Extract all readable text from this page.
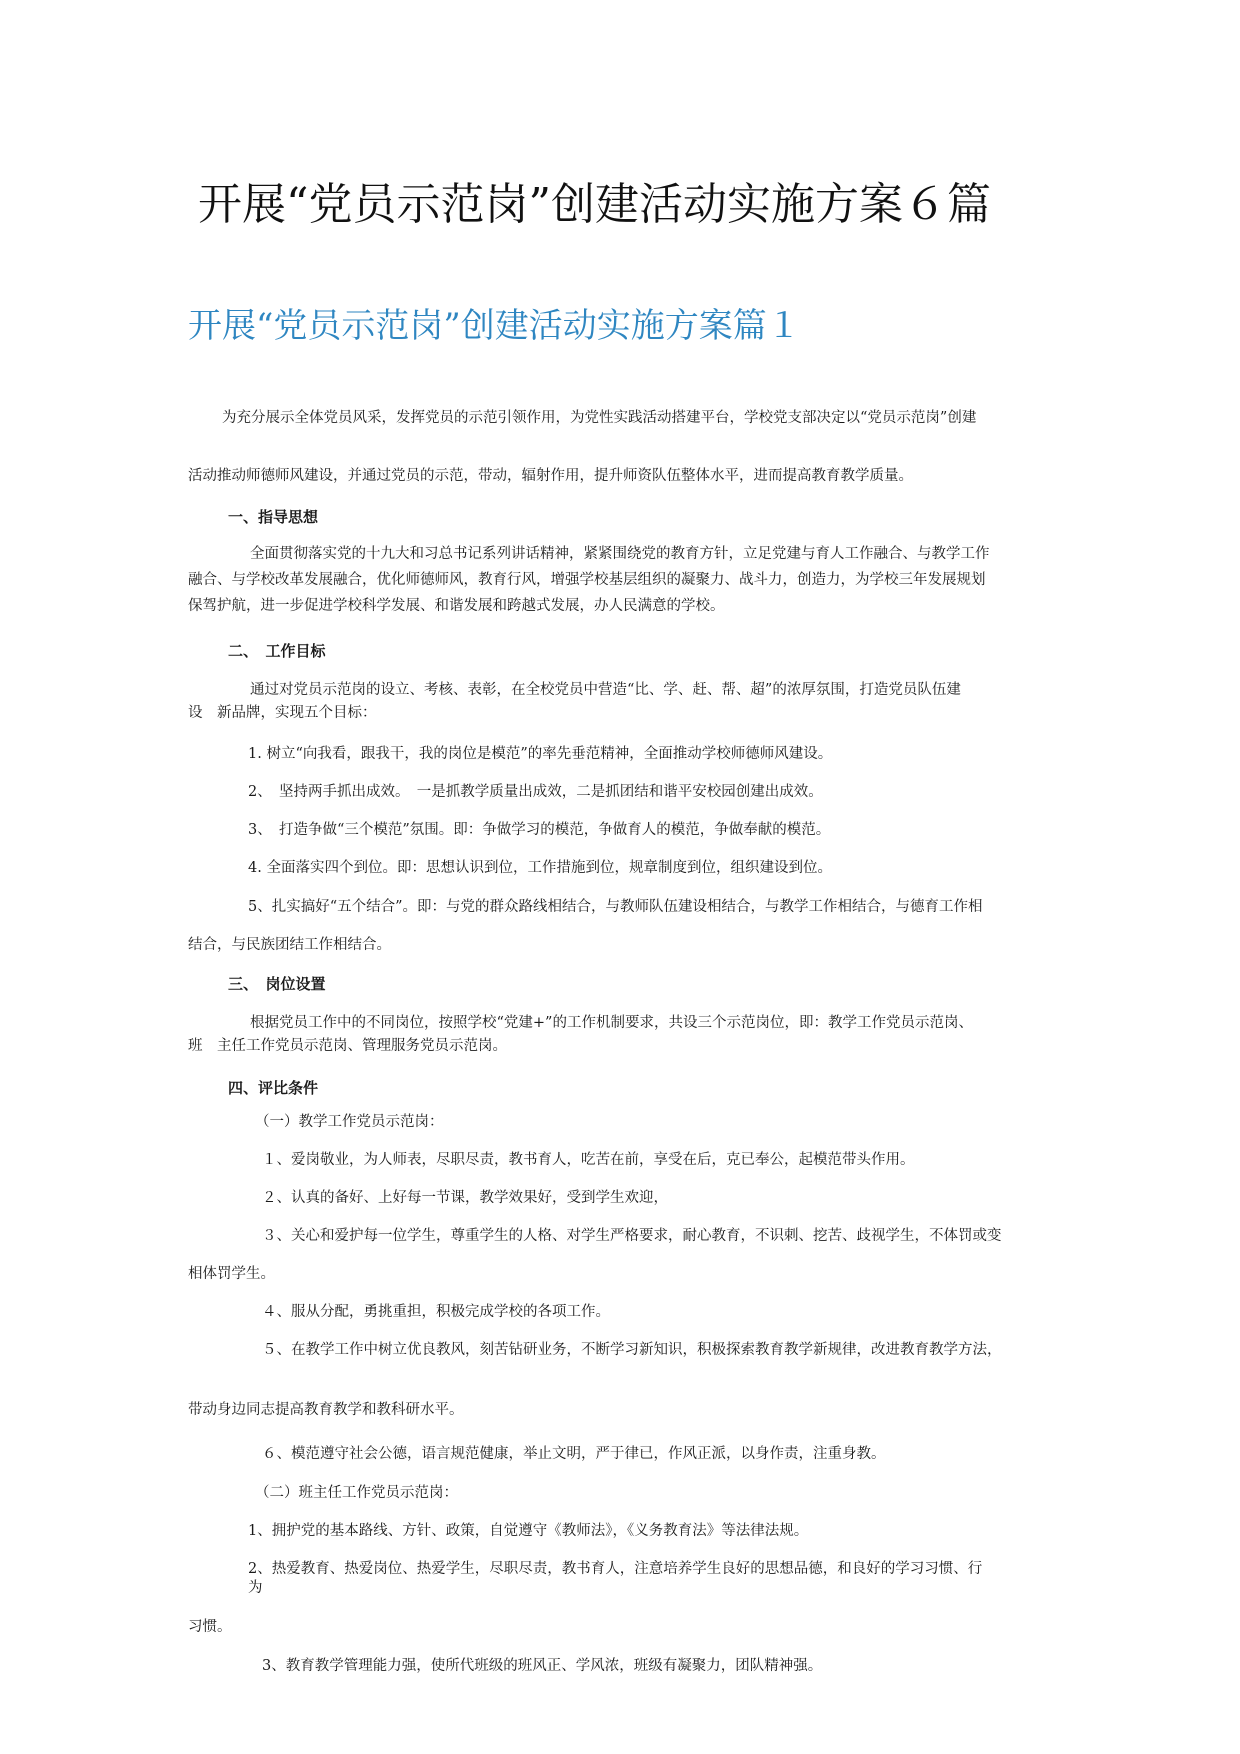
开展“党员示范岗”创建活动实施方案６篇
开展“党员示范岗”创建活动实施方案篇１

为充分展示全体党员风采，发挥党员的示范引领作用，为党性实践活动搭建平台，学校党支部决定以“党员示范岗”创建

活动推动师德师风建设，并通过党员的示范，带动，辐射作用，提升师资队伍整体水平，进而提高教育教学质量。

一、指导思想

全面贯彻落实党的十九大和习总书记系列讲话精神，紧紧围绕党的教育方针，立足党建与育人工作融合、与教学工作

融合、与学校改革发展融合，优化师德师风，教育行风，增强学校基层组织的凝聚力、战斗力，创造力，为学校三年发展规划

保驾护航，进一步促进学校科学发展、和谐发展和跨越式发展，办人民满意的学校。

二、　工作目标

通过对党员示范岗的设立、考核、表彰，在全校党员中营造“比、学、赶、帮、超”的浓厚氛围，打造党员队伍建

设　新品牌，实现五个目标：

1. 树立“向我看，跟我干，我的岗位是模范”的率先垂范精神，全面推动学校师德师风建设。

2、　坚持两手抓出成效。　一是抓教学质量出成效，二是抓团结和谐平安校园创建出成效。

3、　打造争做“三个模范”氛围。即：争做学习的模范，争做育人的模范，争做奉献的模范。

4. 全面落实四个到位。即：思想认识到位，工作措施到位，规章制度到位，组织建设到位。

5、扎实搞好“五个结合”。即：与党的群众路线相结合，与教师队伍建设相结合，与教学工作相结合，与德育工作相

结合，与民族团结工作相结合。

三、　岗位设置

根据党员工作中的不同岗位，按照学校“党建+”的工作机制要求，共设三个示范岗位，即：教学工作党员示范岗、

班　主任工作党员示范岗、管理服务党员示范岗。

四、评比条件

（一）教学工作党员示范岗：

１、爱岗敬业，为人师表，尽职尽责，教书育人，吃苦在前，享受在后，克已奉公，起模范带头作用。

２、认真的备好、上好每一节课，教学效果好，受到学生欢迎，

３、关心和爱护每一位学生，尊重学生的人格、对学生严格要求，耐心教育，不识刺、挖苦、歧视学生，不体罚或变

相体罚学生。

４、服从分配，勇挑重担，积极完成学校的各项工作。

５、在教学工作中树立优良教风，刻苦钻研业务，不断学习新知识，积极探索教育教学新规律，改进教育教学方法，

带动身边同志提高教育教学和教科研水平。

６、模范遵守社会公德，语言规范健康，举止文明，严于律已，作风正派，以身作责，注重身教。

（二）班主任工作党员示范岗：

1、拥护党的基本路线、方针、政策，自觉遵守《教师法》，《义务教育法》等法律法规。

2、热爱教育、热爱岗位、热爱学生，尽职尽责，教书育人，注意培养学生良好的思想品德，和良好的学习习惯、行

为

习惯。

3、教育教学管理能力强，使所代班级的班风正、学风浓，班级有凝聚力，团队精神强。
